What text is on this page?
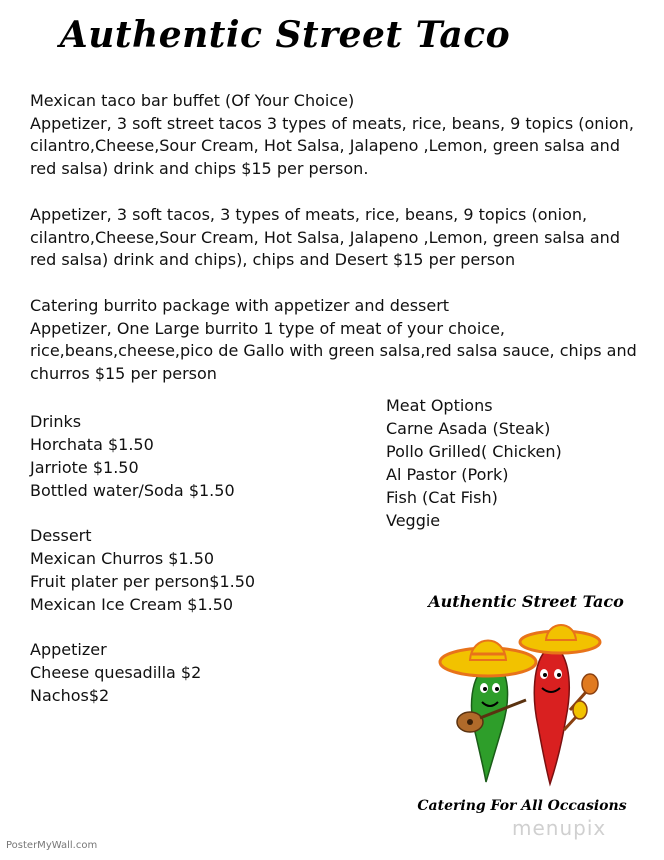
Authentic Street Taco

Mexican taco bar buffet (Of Your Choice)

Appetizer, 3 soft street tacos 3 types of meats, rice, beans, 9 topics (onion,

cilantro,Cheese,Sour Cream, Hot Salsa, Jalapeno ,Lemon, green salsa and

red salsa) drink and chips $15 per person.

Appetizer, 3 soft tacos, 3 types of meats, rice, beans, 9 topics (onion,

cilantro,Cheese,Sour Cream, Hot Salsa, Jalapeno ,Lemon, green salsa and

red salsa) drink and chips), chips and Desert $15 per person

Catering burrito package with appetizer and dessert

Appetizer, One Large burrito 1 type of meat of your choice,

rice,beans,cheese,pico de Gallo with green salsa,red salsa sauce, chips and

churros $15 per person

Drinks

Horchata $1.50

Jarriote $1.50

Bottled water/Soda $1.50

Dessert

Mexican Churros $1.50

Fruit plater per person$1.50

Mexican Ice Cream $1.50

Appetizer

Cheese quesadilla $2

Nachos$2

Meat Options

Carne Asada (Steak)

Pollo Grilled( Chicken)

Al Pastor (Pork)

Fish (Cat Fish)

Veggie

Authentic Street Taco
Catering For All Occasions
menupix
PosterMyWall.com
